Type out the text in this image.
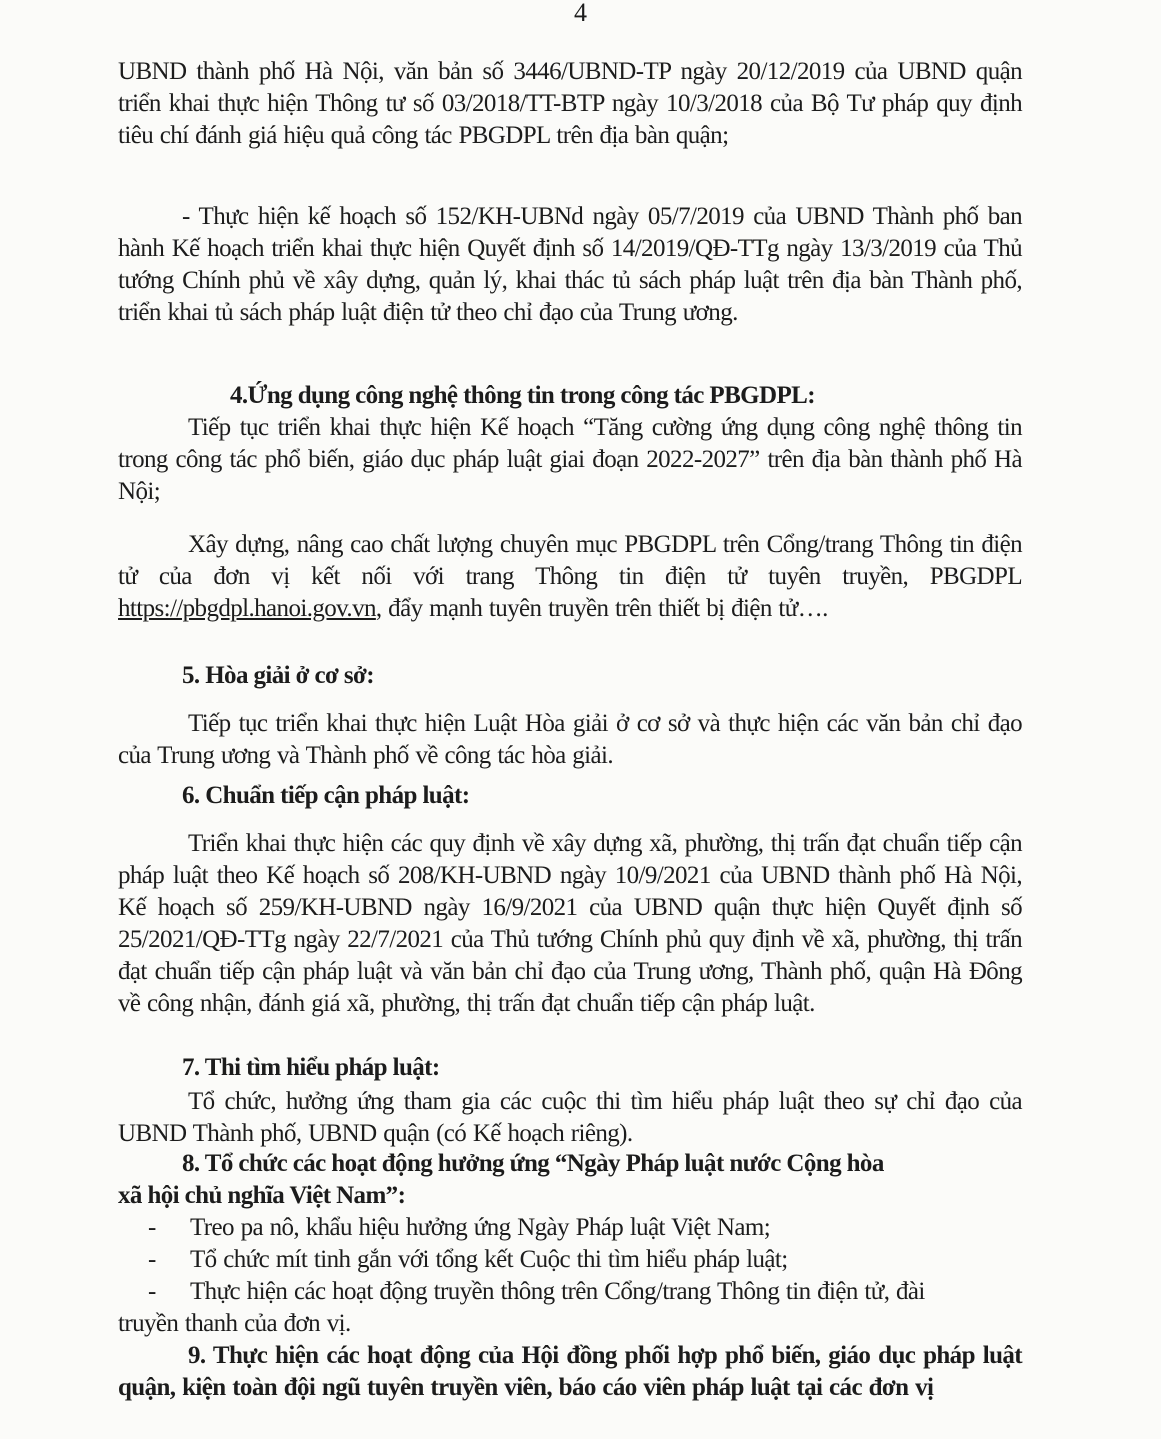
4

UBND thành phố Hà Nội, văn bản số 3446/UBND-TP ngày 20/12/2019 của UBND quận triển khai thực hiện Thông tư số 03/2018/TT-BTP ngày 10/3/2018 của Bộ Tư pháp quy định tiêu chí đánh giá hiệu quả công tác PBGDPL trên địa bàn quận;

- Thực hiện kế hoạch số 152/KH-UBNd ngày 05/7/2019 của UBND Thành phố ban hành Kế hoạch triển khai thực hiện Quyết định số 14/2019/QĐ-TTg ngày 13/3/2019 của Thủ tướng Chính phủ về xây dựng, quản lý, khai thác tủ sách pháp luật trên địa bàn Thành phố, triển khai tủ sách pháp luật điện tử theo chỉ đạo của Trung ương.

4.Ứng dụng công nghệ thông tin trong công tác PBGDPL:

Tiếp tục triển khai thực hiện Kế hoạch “Tăng cường ứng dụng công nghệ thông tin trong công tác phổ biến, giáo dục pháp luật giai đoạn 2022-2027” trên địa bàn thành phố Hà Nội;

Xây dựng, nâng cao chất lượng chuyên mục PBGDPL trên Cổng/trang Thông tin điện tử của đơn vị kết nối với trang Thông tin điện tử tuyên truyền, PBGDPL https://pbgdpl.hanoi.gov.vn, đẩy mạnh tuyên truyền trên thiết bị điện tử….

5. Hòa giải ở cơ sở:

Tiếp tục triển khai thực hiện Luật Hòa giải ở cơ sở và thực hiện các văn bản chỉ đạo của Trung ương và Thành phố về công tác hòa giải.

6. Chuẩn tiếp cận pháp luật:

Triển khai thực hiện các quy định về xây dựng xã, phường, thị trấn đạt chuẩn tiếp cận pháp luật theo Kế hoạch số 208/KH-UBND ngày 10/9/2021 của UBND thành phố Hà Nội, Kế hoạch số 259/KH-UBND ngày 16/9/2021 của UBND quận thực hiện Quyết định số 25/2021/QĐ-TTg ngày 22/7/2021 của Thủ tướng Chính phủ quy định về xã, phường, thị trấn đạt chuẩn tiếp cận pháp luật và văn bản chỉ đạo của Trung ương, Thành phố, quận Hà Đông về công nhận, đánh giá xã, phường, thị trấn đạt chuẩn tiếp cận pháp luật.

7. Thi tìm hiểu pháp luật:

Tổ chức, hưởng ứng tham gia các cuộc thi tìm hiểu pháp luật theo sự chỉ đạo của UBND Thành phố, UBND quận (có Kế hoạch riêng).

8. Tổ chức các hoạt động hưởng ứng “Ngày Pháp luật nước Cộng hòa
xã hội chủ nghĩa Việt Nam”:
-	Treo pa nô, khẩu hiệu hưởng ứng Ngày Pháp luật Việt Nam;
-	Tổ chức mít tinh gắn với tổng kết Cuộc thi tìm hiểu pháp luật;
-	Thực hiện các hoạt động truyền thông trên Cổng/trang Thông tin điện tử, đài
truyền thanh của đơn vị.

9. Thực hiện các hoạt động của Hội đồng phối hợp phổ biến, giáo dục pháp luật quận, kiện toàn đội ngũ tuyên truyền viên, báo cáo viên pháp luật tại các đơn vị
